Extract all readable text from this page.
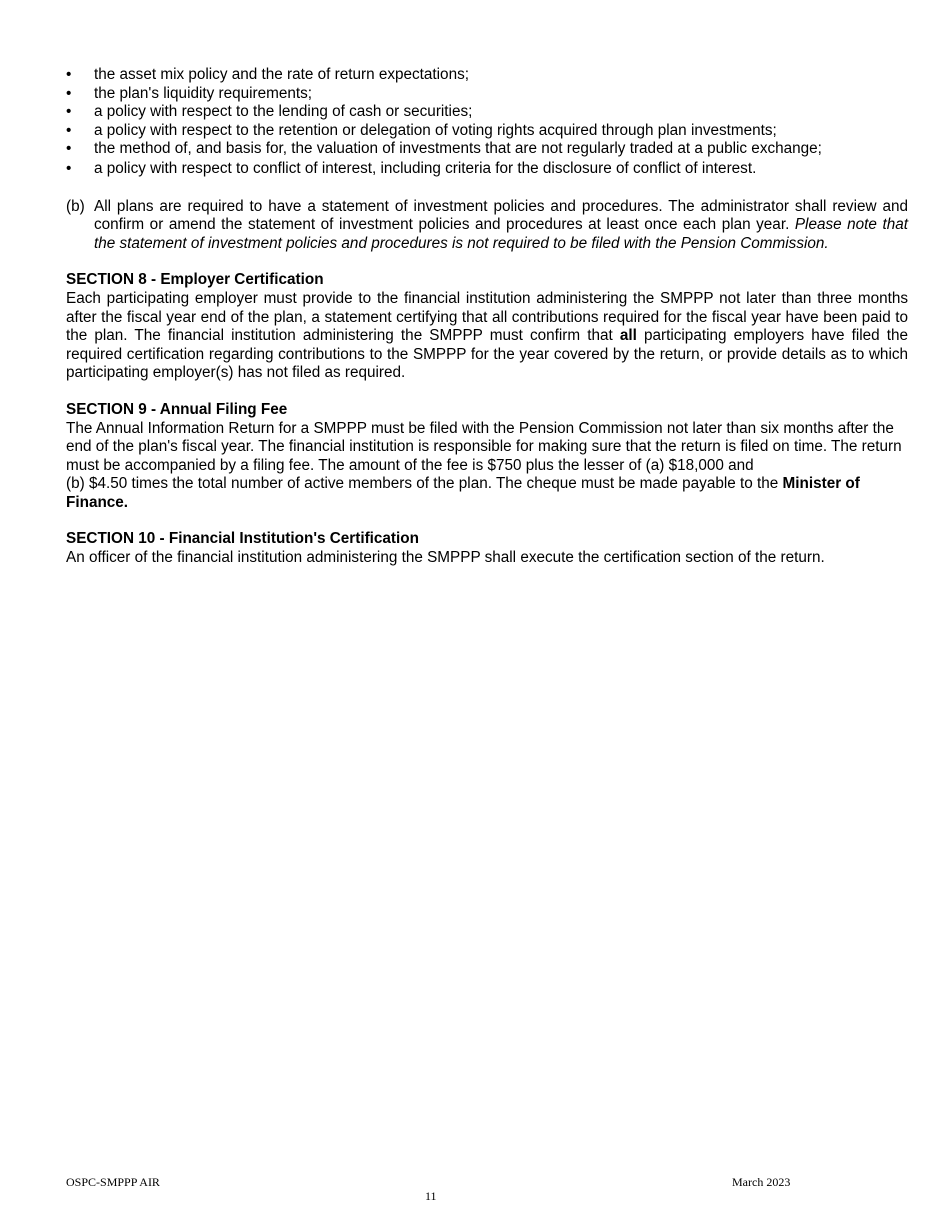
• the asset mix policy and the rate of return expectations;
• the plan's liquidity requirements;
• a policy with respect to the lending of cash or securities;
• a policy with respect to the retention or delegation of voting rights acquired through plan investments;
• the method of, and basis for, the valuation of investments that are not regularly traded at a public exchange;
• a policy with respect to conflict of interest, including criteria for the disclosure of conflict of interest.
(b) All plans are required to have a statement of investment policies and procedures. The administrator shall review and confirm or amend the statement of investment policies and procedures at least once each plan year. Please note that the statement of investment policies and procedures is not required to be filed with the Pension Commission.
SECTION 8 - Employer Certification

Each participating employer must provide to the financial institution administering the SMPPP not later than three months after the fiscal year end of the plan, a statement certifying that all contributions required for the fiscal year have been paid to the plan. The financial institution administering the SMPPP must confirm that all participating employers have filed the required certification regarding contributions to the SMPPP for the year covered by the return, or provide details as to which participating employer(s) has not filed as required.

SECTION 9 - Annual Filing Fee

The Annual Information Return for a SMPPP must be filed with the Pension Commission not later than six months after the end of the plan's fiscal year. The financial institution is responsible for making sure that the return is filed on time. The return must be accompanied by a filing fee. The amount of the fee is $750 plus the lesser of (a) $18,000 and
(b) $4.50 times the total number of active members of the plan. The cheque must be made payable to the Minister of Finance.

SECTION 10 - Financial Institution's Certification

An officer of the financial institution administering the SMPPP shall execute the certification section of the return.

OSPC-SMPPP AIR	March 2023
11
